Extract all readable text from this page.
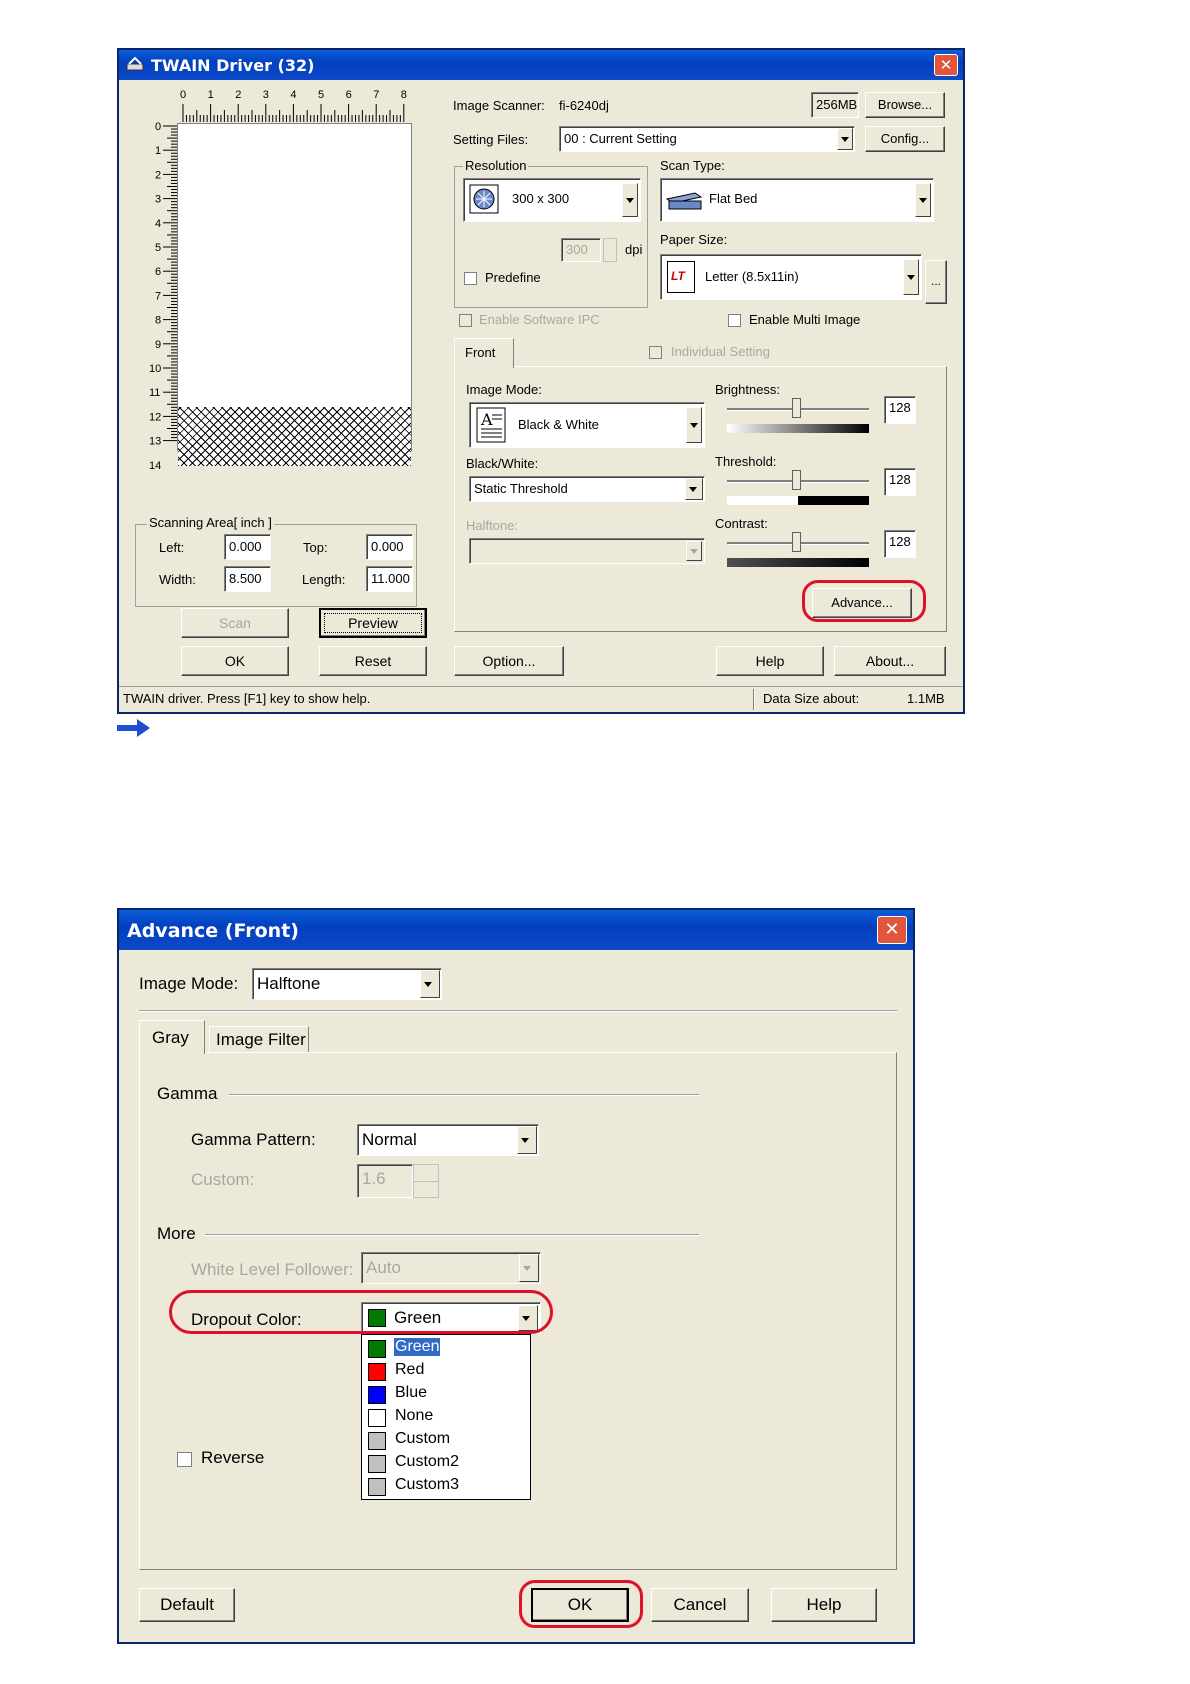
TWAIN Driver (32)	✕
0 1 2 3 4 5 6 7 8
0
1
2
3
4
5
6
7
8
9
10
11
12
13
14
Scanning Area[ inch ]
Left:	0.000	Top:	0.000
Width:	8.500	Length:	11.000
Scan	Preview
OK	Reset
Image Scanner: fi-6240dj	256MB	Browse...
Setting Files:	00 : Current Setting	Config...
Resolution
300 x 300
300	dpi
Predefine
Scan Type:
Flat Bed
Paper Size:
LT Letter (8.5x11in)	...
Enable Software IPC	Enable Multi Image
Front	Individual Setting
Image Mode:
A Black & White
Black/White:
Static Threshold
Halftone:
Brightness:
128
Threshold:
128
Contrast:
128
Advance...
Option...	Help	About...
TWAIN driver. Press [F1] key to show help.	Data Size about:	1.1MB
Advance (Front)	✕
Image Mode: Halftone
Gray Image Filter
Gamma
Gamma Pattern:	Normal
Custom:	1.6
More
White Level Follower: Auto
Dropout Color:	Green
Green
Red
Blue
None
Custom
Custom2
Custom3
Reverse
Default	OK	Cancel	Help
